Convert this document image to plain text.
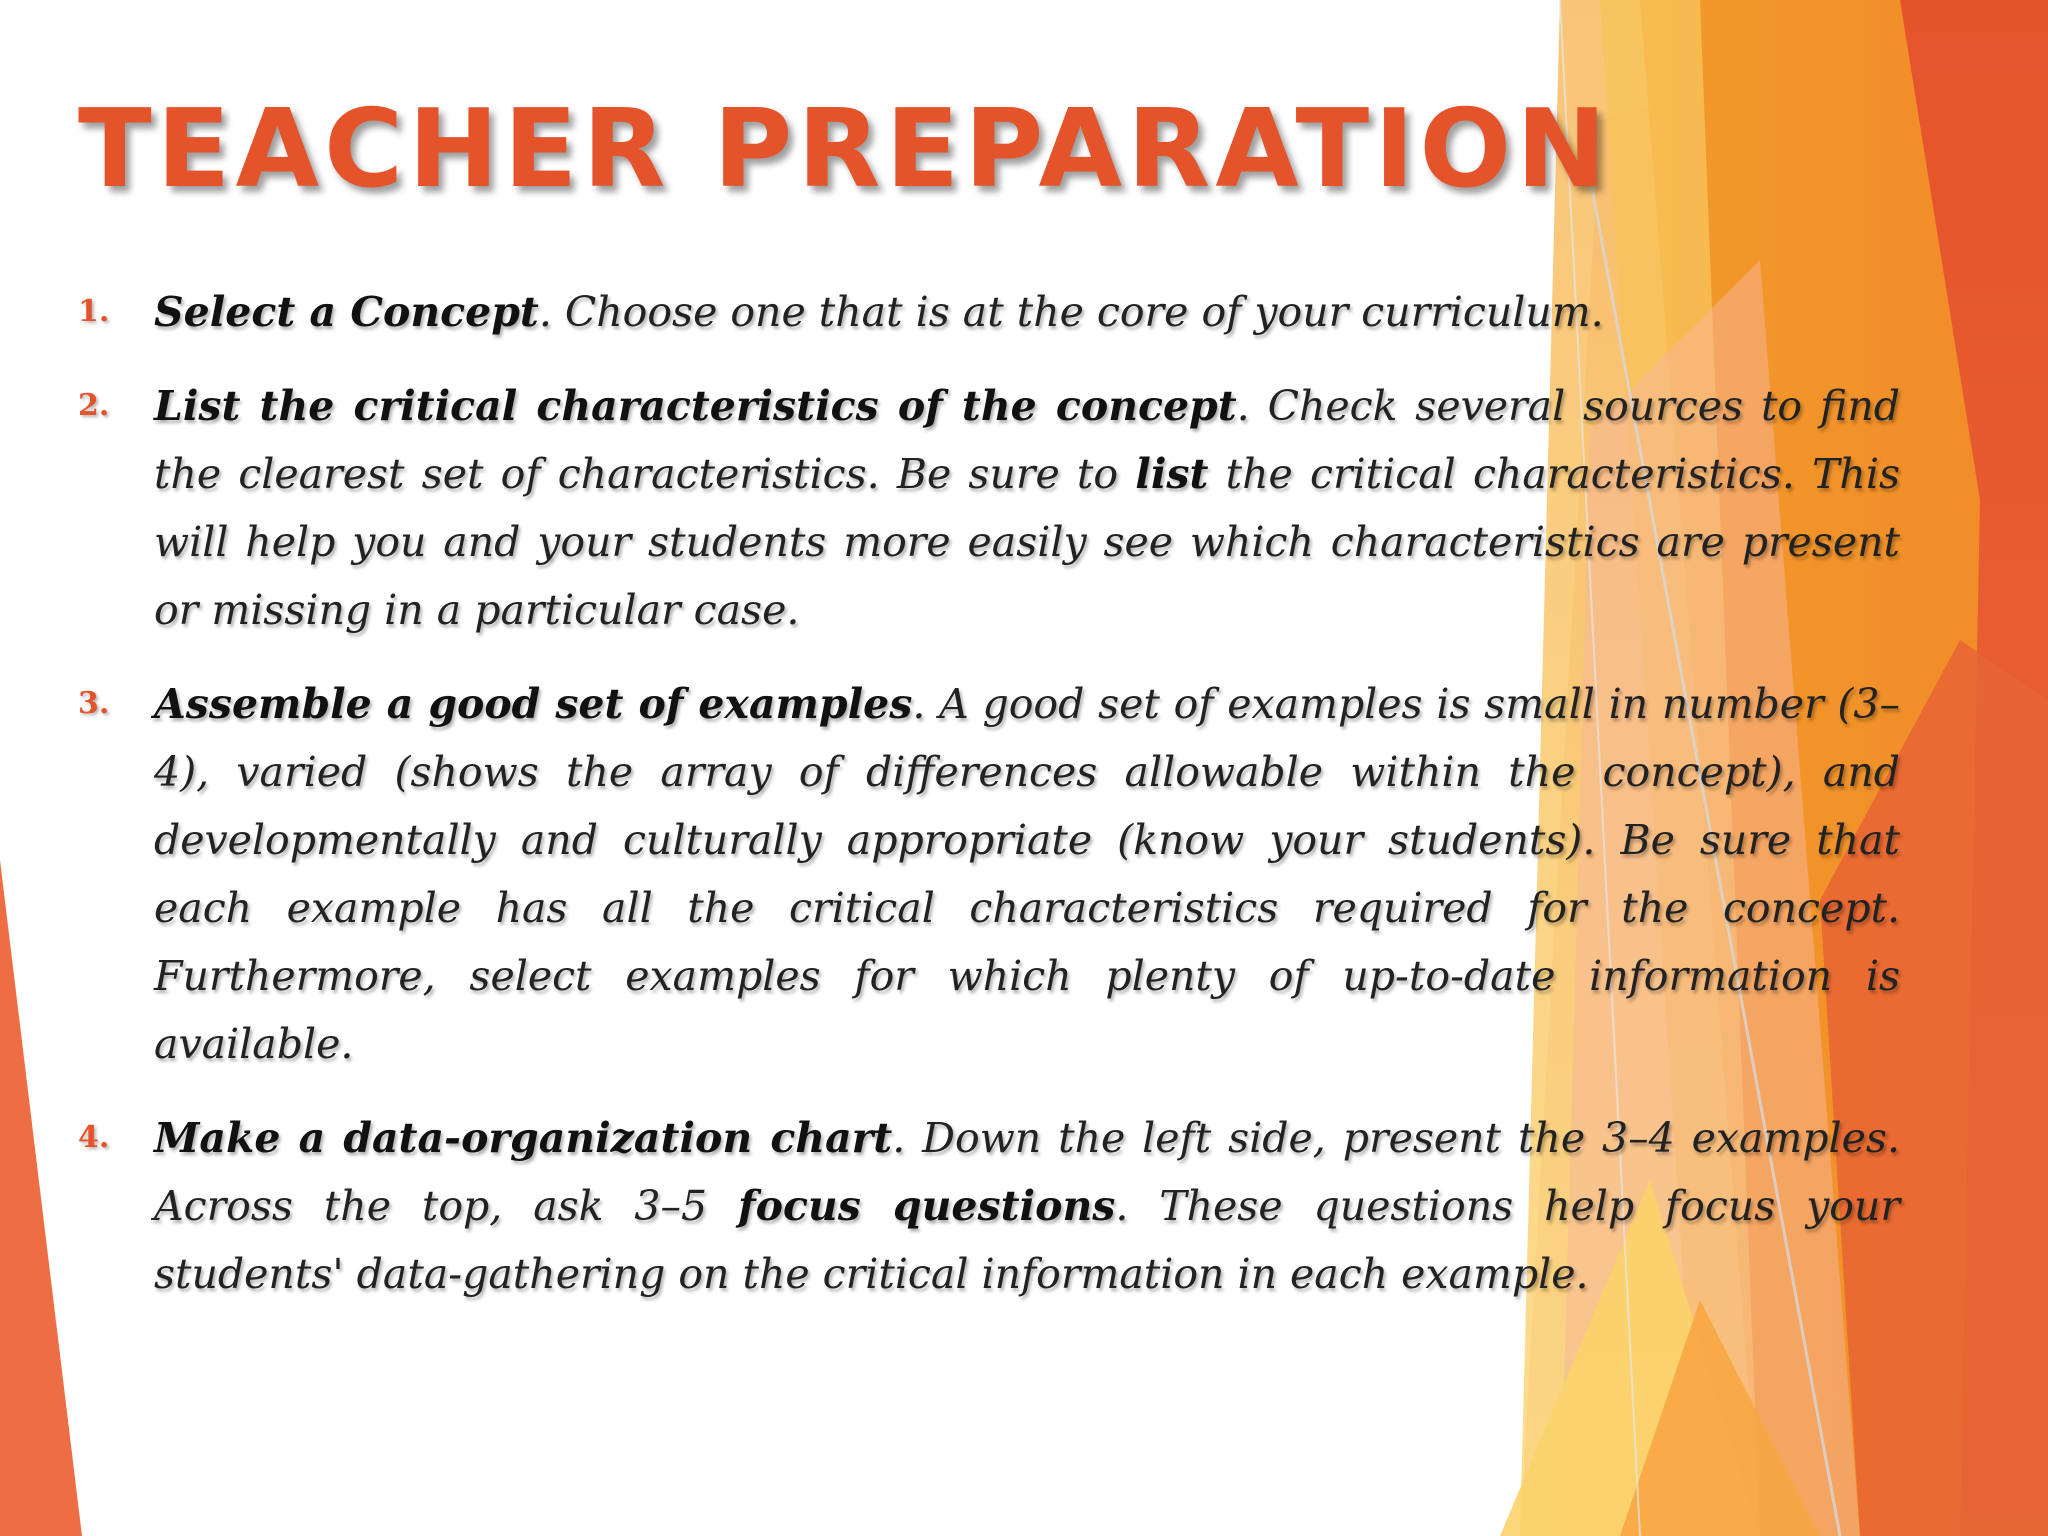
TEACHER PREPARATION
1.	Select a Concept. Choose one that is at the core of your curriculum.
2.	List the critical characteristics of the concept. Check several sources to find the clearest set of characteristics. Be sure to list the critical characteristics. This will help you and your students more easily see which characteristics are present or missing in a particular case.
3.	Assemble a good set of examples. A good set of examples is small in number (3–4), varied (shows the array of differences allowable within the concept), and developmentally and culturally appropriate (know your students). Be sure that each example has all the critical characteristics required for the concept. Furthermore, select examples for which plenty of up-to-date information is available.
4.	Make a data-organization chart. Down the left side, present the 3–4 examples. Across the top, ask 3–5 focus questions. These questions help focus your students' data-gathering on the critical information in each example.
